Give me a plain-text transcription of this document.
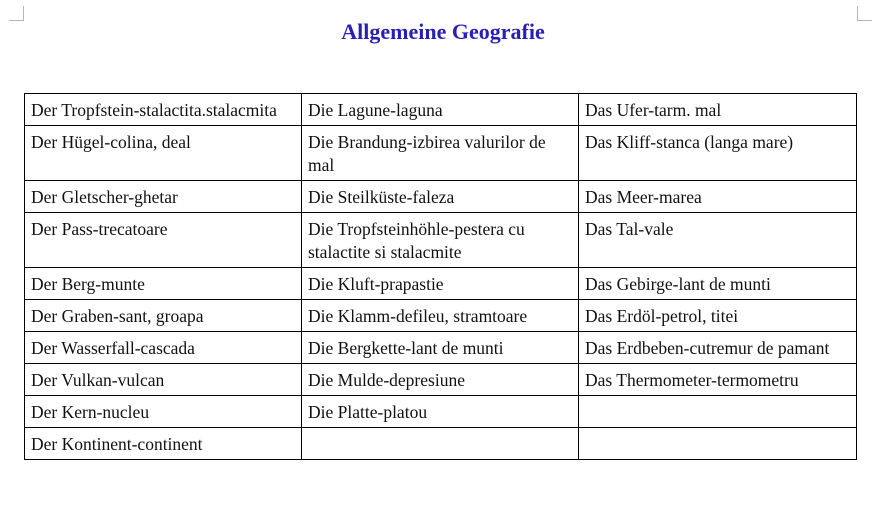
Allgemeine Geografie
Der Tropfstein-stalactita.stalacmita	Die Lagune-laguna	Das Ufer-tarm. mal
Der Hügel-colina, deal	Die Brandung-izbirea valurilor de mal	Das Kliff-stanca (langa mare)
Der Gletscher-ghetar	Die Steilküste-faleza	Das Meer-marea
Der Pass-trecatoare	Die Tropfsteinhöhle-pestera cu stalactite si stalacmite	Das Tal-vale
Der Berg-munte	Die Kluft-prapastie	Das Gebirge-lant de munti
Der Graben-sant, groapa	Die Klamm-defileu, stramtoare	Das Erdöl-petrol, titei
Der Wasserfall-cascada	Die Bergkette-lant de munti	Das Erdbeben-cutremur de pamant
Der Vulkan-vulcan	Die Mulde-depresiune	Das Thermometer-termometru
Der Kern-nucleu	Die Platte-platou	
Der Kontinent-continent		
